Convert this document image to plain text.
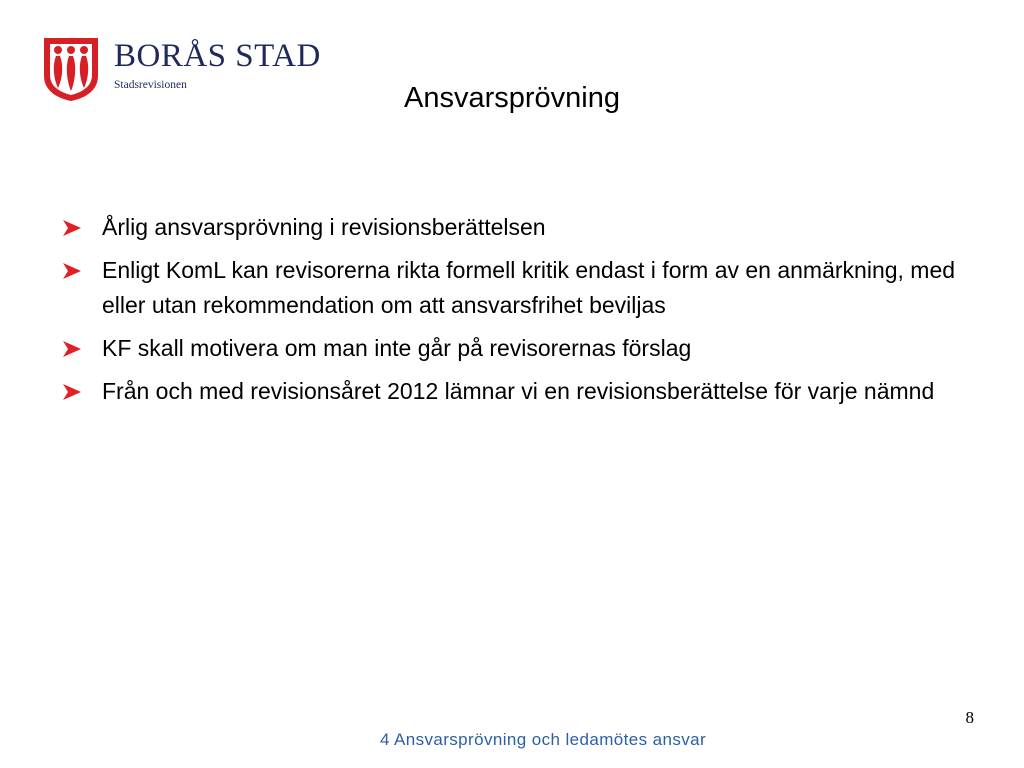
BORÅS STAD
Stadsrevisionen	Ansvarsprövning
Årlig ansvarsprövning i revisionsberättelsen
Enligt KomL kan revisorerna rikta formell kritik endast i form av en anmärkning, med eller utan rekommendation om att ansvarsfrihet beviljas
KF skall motivera om man inte går på revisorernas förslag
Från och med revisionsåret 2012 lämnar vi en revisionsberättelse för varje nämnd
8
4 Ansvarsprövning och ledamötes ansvar
